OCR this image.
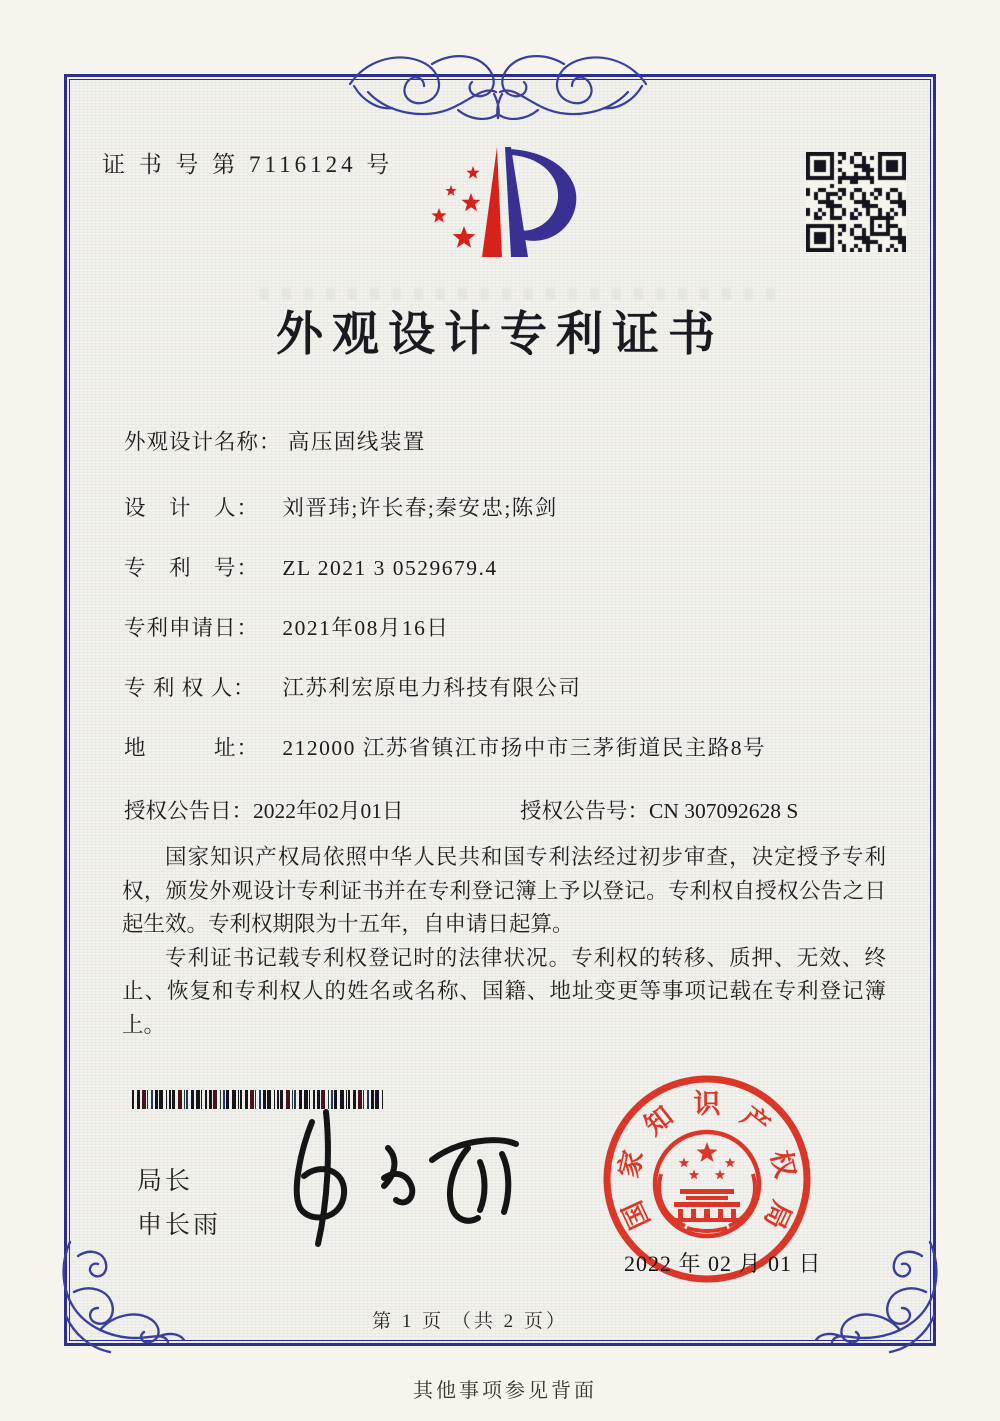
证 书 号 第 7116124 号
外观设计专利证书
外观设计名称： 高压固线装置
设　计　人： 刘晋玮;许长春;秦安忠;陈剑
专　利　号： ZL 2021 3 0529679.4
专利申请日： 2021年08月16日
专 利 权 人： 江苏利宏原电力科技有限公司
地　　　址： 212000 江苏省镇江市扬中市三茅街道民主路8号
授权公告日：2022年02月01日	授权公告号：CN 307092628 S

国家知识产权局依照中华人民共和国专利法经过初步审查，决定授予专利权，颁发外观设计专利证书并在专利登记簿上予以登记。专利权自授权公告之日起生效。专利权期限为十五年，自申请日起算。

专利证书记载专利权登记时的法律状况。专利权的转移、质押、无效、终止、恢复和专利权人的姓名或名称、国籍、地址变更等事项记载在专利登记簿上。

局长
申长雨	国
家
知 识 产
权
局
2022 年 02 月 01 日
第 1 页 （共 2 页）
其他事项参见背面
